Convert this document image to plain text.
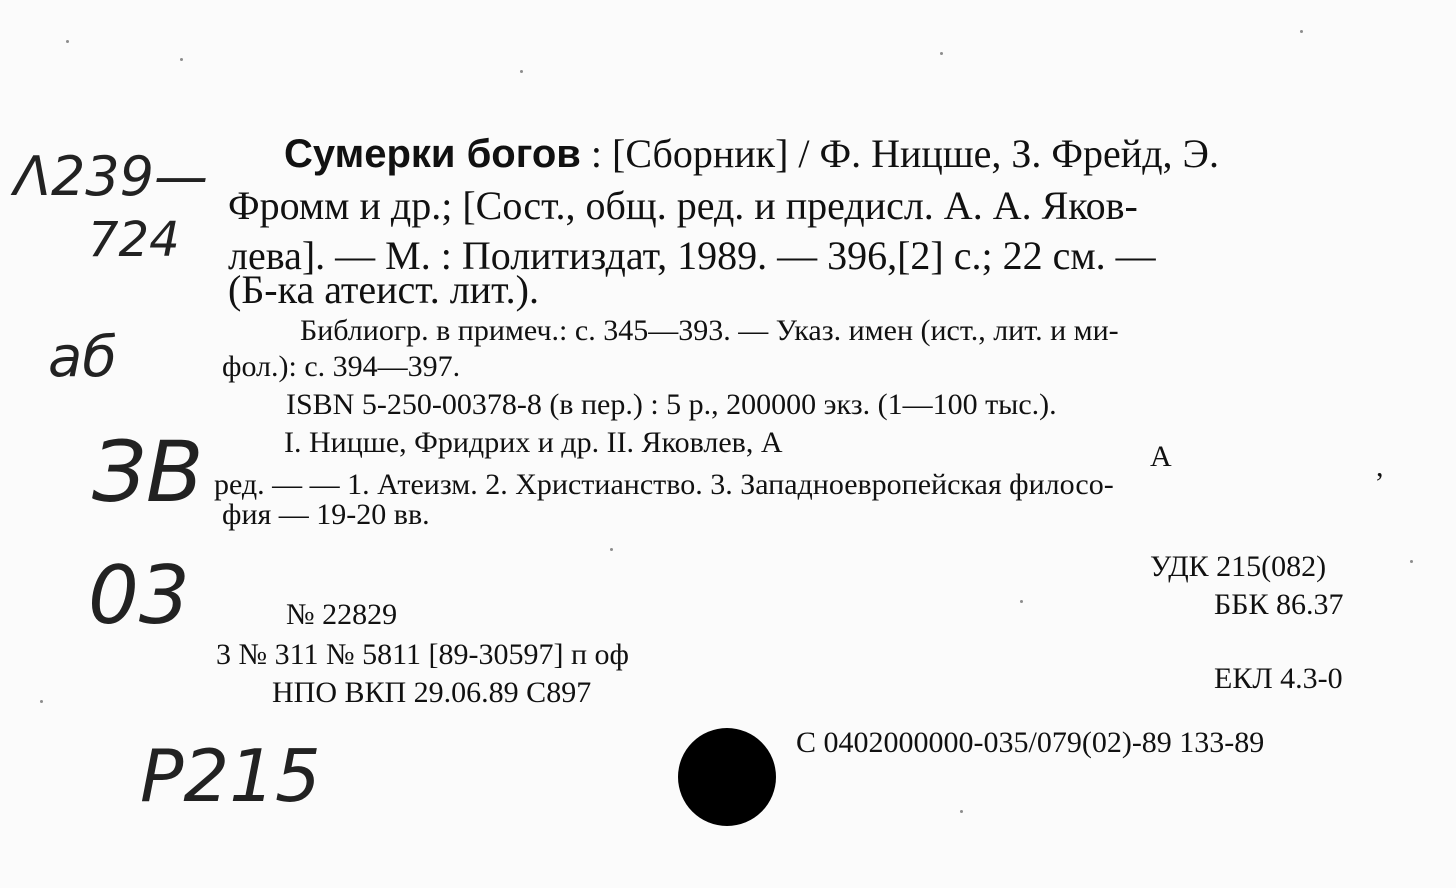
Λ239—
724
аб
ЗВ
03
P215
Сумерки богов : [Сборник] / Ф. Ницше, З. Фрейд, Э.
Фромм и др.; [Сост., общ. ред. и предисл. А. А. Яков-
лева]. — М. : Политиздат, 1989. — 396,[2] с.; 22 см. —
(Б-ка атеист. лит.).
Библиогр. в примеч.: с. 345—393. — Указ. имен (ист., лит. и ми-
фол.): с. 394—397.
ISBN 5-250-00378-8 (в пер.) : 5 р., 200000 экз. (1—100 тыс.).
I. Ницше, Фридрих и др. II. Яковлев, А	А	,
ред. — — 1. Атеизм. 2. Христианство. 3. Западноевропейская филосо-
фия — 19-20 вв.
УДК 215(082)
ББК 86.37
ЕКЛ 4.3-0
С 0402000000-035/079(02)-89 133-89
№ 22829
3 № 311 № 5811 [89-30597] п оф
НПО ВКП 29.06.89 С897
